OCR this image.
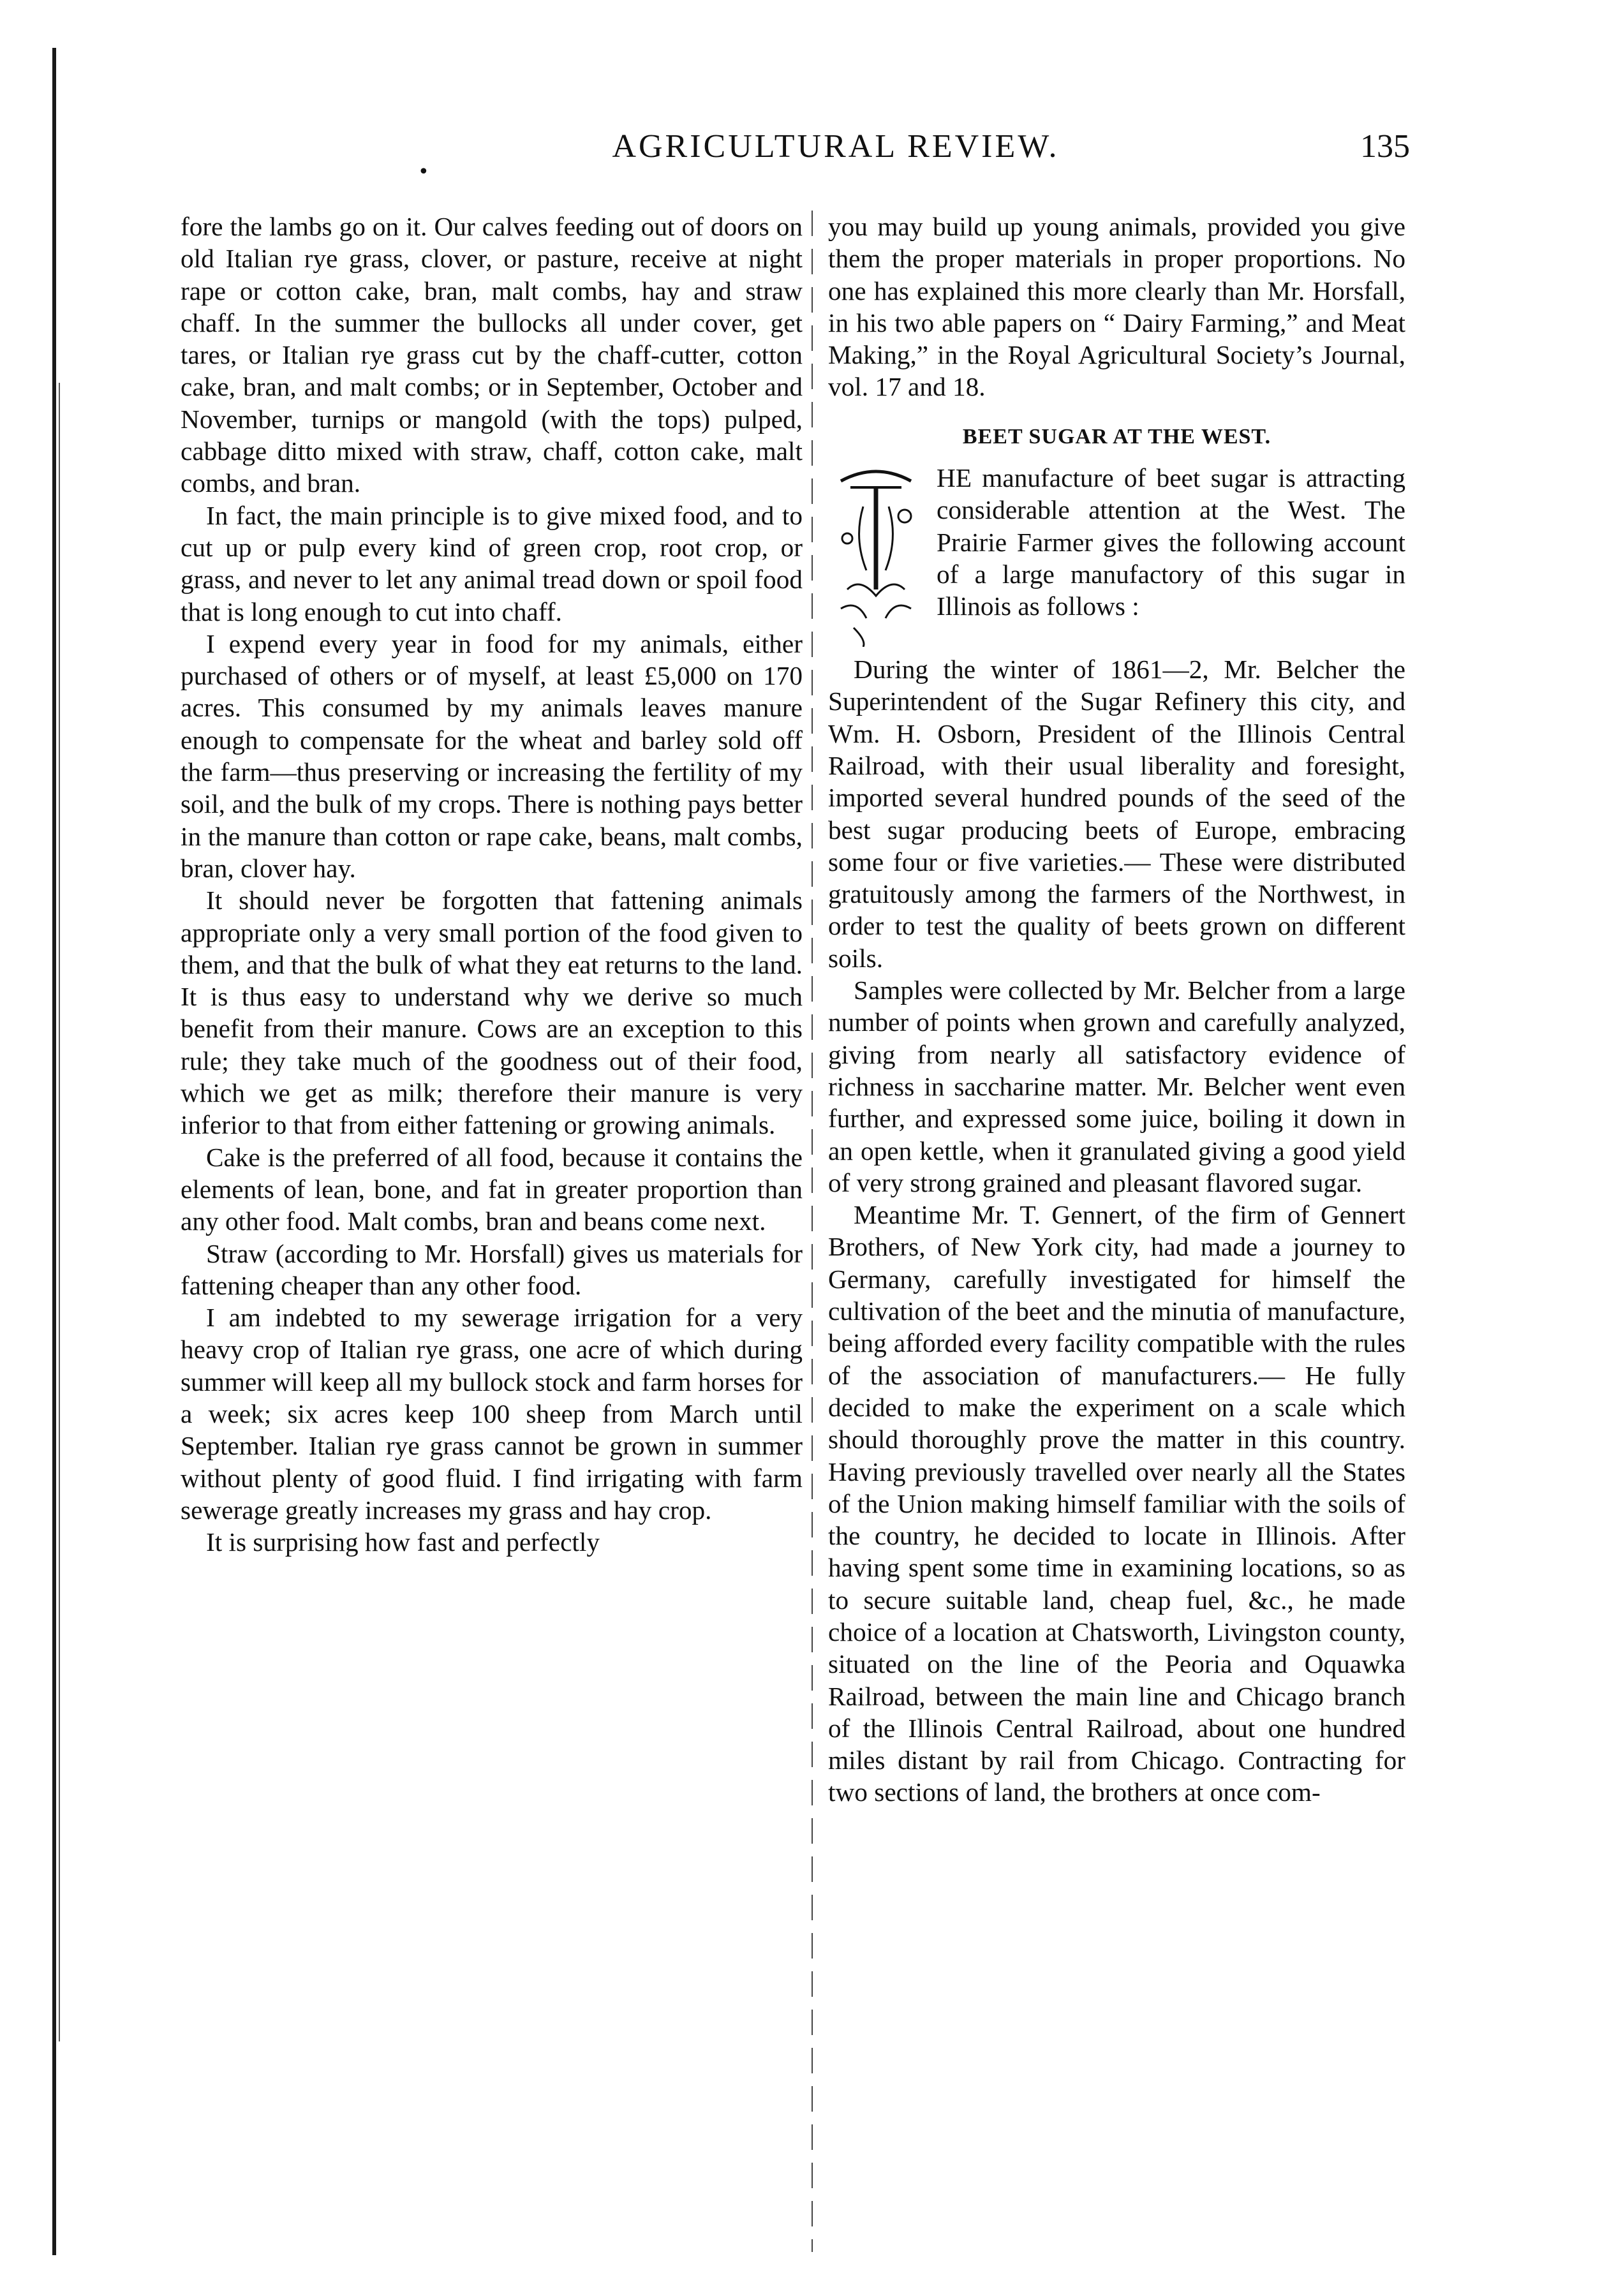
•
AGRICULTURAL REVIEW.	135

fore the lambs go on it. Our calves feeding out of doors on old Italian rye grass, clover, or pasture, receive at night rape or cotton cake, bran, malt combs, hay and straw chaff. In the summer the bullocks all under cover, get tares, or Italian rye grass cut by the chaff-cutter, cotton cake, bran, and malt combs; or in September, October and November, turnips or mangold (with the tops) pulped, cabbage ditto mixed with straw, chaff, cotton cake, malt combs, and bran.

In fact, the main principle is to give mixed food, and to cut up or pulp every kind of green crop, root crop, or grass, and never to let any animal tread down or spoil food that is long enough to cut into chaff.

I expend every year in food for my animals, either purchased of others or of myself, at least £5,000 on 170 acres. This consumed by my animals leaves manure enough to compensate for the wheat and barley sold off the farm—thus preserving or increasing the fertility of my soil, and the bulk of my crops. There is nothing pays better in the manure than cotton or rape cake, beans, malt combs, bran, clover hay.

It should never be forgotten that fattening animals appropriate only a very small portion of the food given to them, and that the bulk of what they eat returns to the land. It is thus easy to understand why we derive so much benefit from their manure. Cows are an exception to this rule; they take much of the goodness out of their food, which we get as milk; therefore their manure is very inferior to that from either fattening or growing animals.

Cake is the preferred of all food, because it contains the elements of lean, bone, and fat in greater proportion than any other food. Malt combs, bran and beans come next.

Straw (according to Mr. Horsfall) gives us materials for fattening cheaper than any other food.

I am indebted to my sewerage irrigation for a very heavy crop of Italian rye grass, one acre of which during summer will keep all my bullock stock and farm horses for a week; six acres keep 100 sheep from March until September. Italian rye grass cannot be grown in summer without plenty of good fluid. I find irrigating with farm sewerage greatly increases my grass and hay crop.

It is surprising how fast and perfectly

you may build up young animals, provided you give them the proper materials in proper proportions. No one has explained this more clearly than Mr. Horsfall, in his two able papers on “ Dairy Farming,” and Meat Making,” in the Royal Agricultural Society’s Journal, vol. 17 and 18.

BEET SUGAR AT THE WEST.
HE manufacture of beet sugar is attracting considerable attention at the West. The Prairie Farmer gives the following account of a large manufactory of this sugar in Illinois as follows :

During the winter of 1861—2, Mr. Belcher the Superintendent of the Sugar Refinery this city, and Wm. H. Osborn, President of the Illinois Central Railroad, with their usual liberality and foresight, imported several hundred pounds of the seed of the best sugar producing beets of Europe, embracing some four or five varieties.— These were distributed gratuitously among the farmers of the Northwest, in order to test the quality of beets grown on different soils.

Samples were collected by Mr. Belcher from a large number of points when grown and carefully analyzed, giving from nearly all satisfactory evidence of richness in saccharine matter. Mr. Belcher went even further, and expressed some juice, boiling it down in an open kettle, when it granulated giving a good yield of very strong grained and pleasant flavored sugar.

Meantime Mr. T. Gennert, of the firm of Gennert Brothers, of New York city, had made a journey to Germany, carefully investigated for himself the cultivation of the beet and the minutia of manufacture, being afforded every facility compatible with the rules of the association of manufacturers.— He fully decided to make the experiment on a scale which should thoroughly prove the matter in this country. Having previously travelled over nearly all the States of the Union making himself familiar with the soils of the country, he decided to locate in Illinois. After having spent some time in examining locations, so as to secure suitable land, cheap fuel, &c., he made choice of a location at Chatsworth, Livingston county, situated on the line of the Peoria and Oquawka Railroad, between the main line and Chicago branch of the Illinois Central Railroad, about one hundred miles distant by rail from Chicago. Contracting for two sections of land, the brothers at once com-
